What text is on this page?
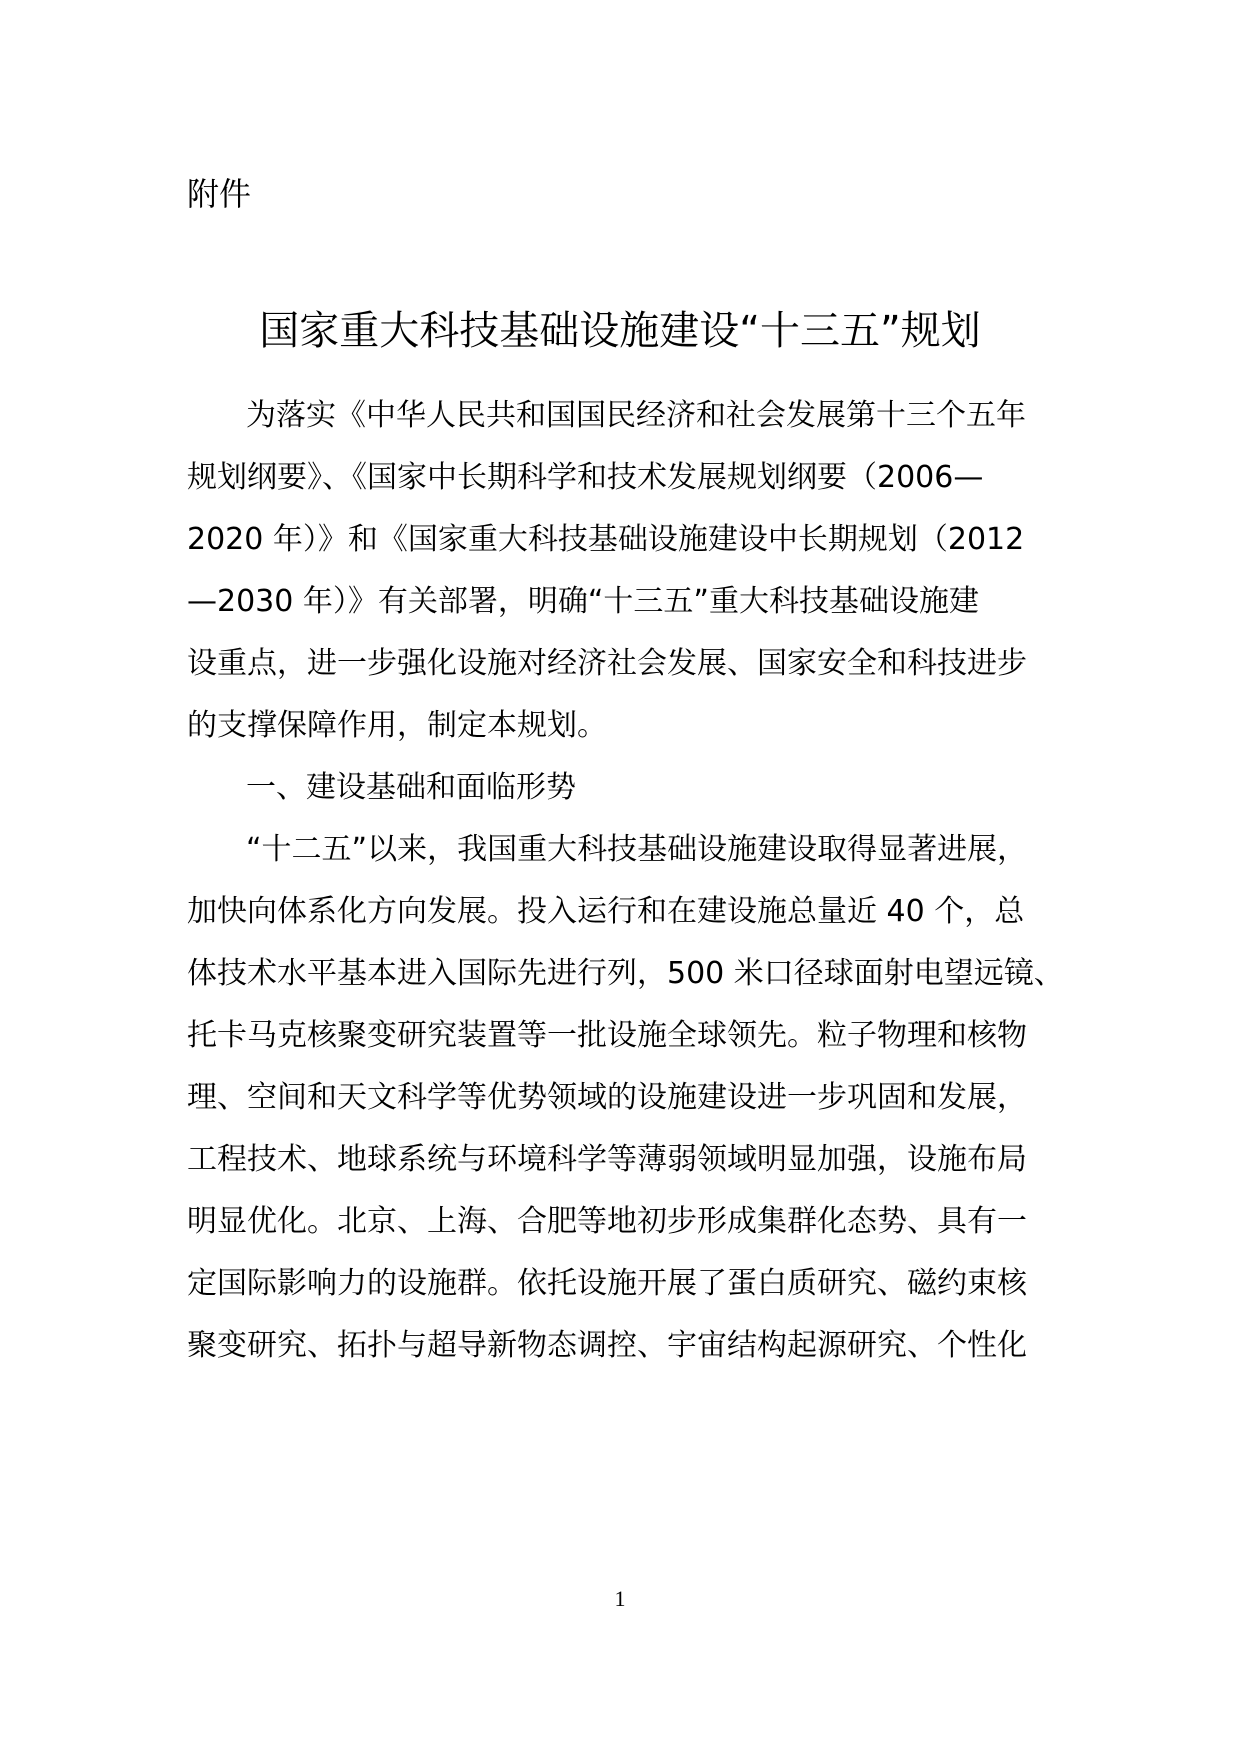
附件
国家重大科技基础设施建设“十三五”规划
为落实《中华人民共和国国民经济和社会发展第十三个五年
规划纲要》、《国家中长期科学和技术发展规划纲要（2006—
2020 年）》和《国家重大科技基础设施建设中长期规划（2012
—2030 年）》有关部署，明确“十三五”重大科技基础设施建
设重点，进一步强化设施对经济社会发展、国家安全和科技进步
的支撑保障作用，制定本规划。
一、建设基础和面临形势
“十二五”以来，我国重大科技基础设施建设取得显著进展，
加快向体系化方向发展。投入运行和在建设施总量近 40 个，总
体技术水平基本进入国际先进行列，500 米口径球面射电望远镜、
托卡马克核聚变研究装置等一批设施全球领先。粒子物理和核物
理、空间和天文科学等优势领域的设施建设进一步巩固和发展，
工程技术、地球系统与环境科学等薄弱领域明显加强，设施布局
明显优化。北京、上海、合肥等地初步形成集群化态势、具有一
定国际影响力的设施群。依托设施开展了蛋白质研究、磁约束核
聚变研究、拓扑与超导新物态调控、宇宙结构起源研究、个性化
1
